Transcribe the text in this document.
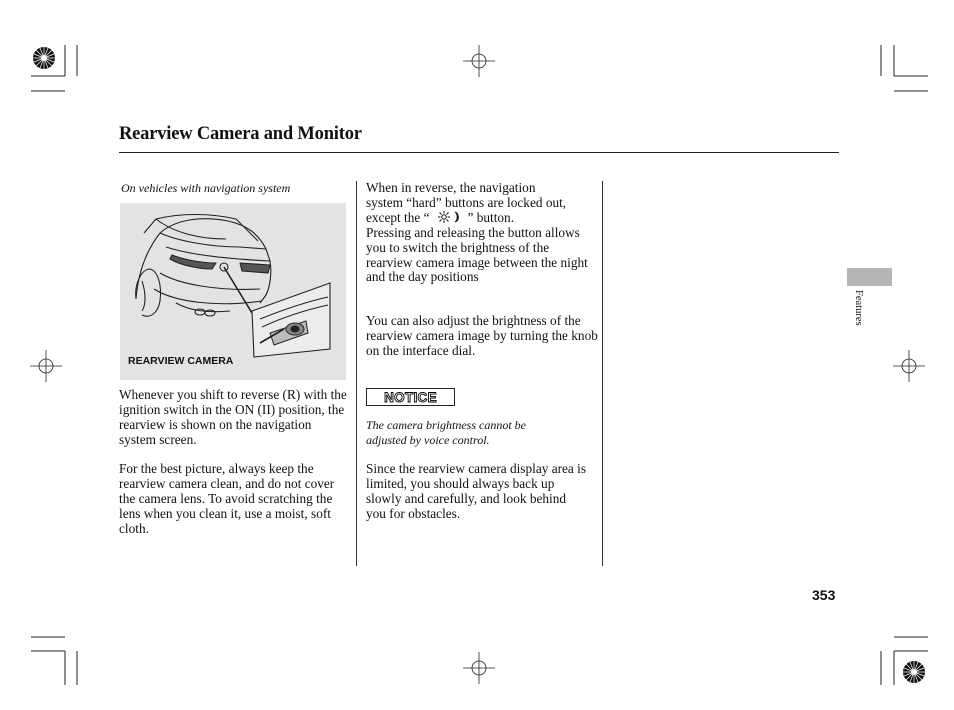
Rearview Camera and Monitor
On vehicles with navigation system
REARVIEW CAMERA

Whenever you shift to reverse (R) with the ignition switch in the ON (II) position, the rearview is shown on the navigation system screen.

For the best picture, always keep the rearview camera clean, and do not cover the camera lens. To avoid scratching the lens when you clean it, use a moist, soft cloth.

When in reverse, the navigation
system “hard” buttons are locked out,
except the “	” button.
Pressing and releasing the button allows you to switch the brightness of the rearview camera image between the night and the day positions

You can also adjust the brightness of the rearview camera image by turning the knob on the interface dial.

NOTICE

The camera brightness cannot be adjusted by voice control.

Since the rearview camera display area is limited, you should always back up slowly and carefully, and look behind you for obstacles.

Features
353
